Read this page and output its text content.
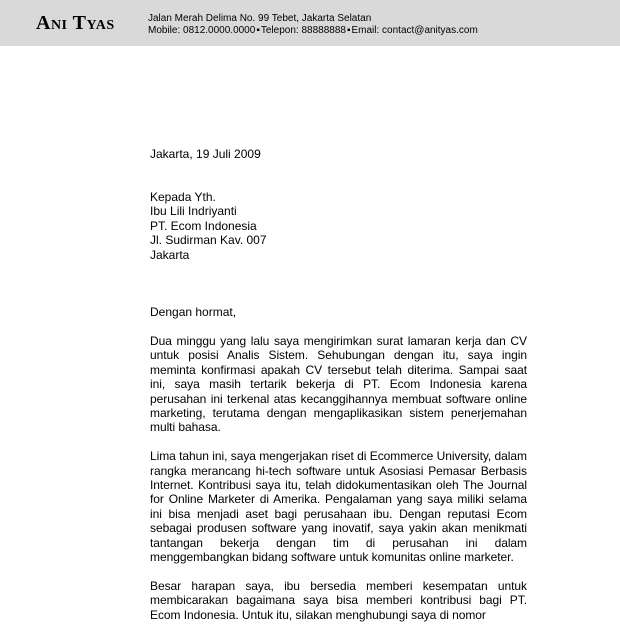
Ani Tyas	Jalan Merah Delima No. 99 Tebet, Jakarta Selatan
Mobile: 0812.0000.0000▪Telepon: 88888888▪Email: contact@anityas.com
Jakarta, 19 Juli 2009
Kepada Yth.
Ibu Lili Indriyanti
PT. Ecom Indonesia
Jl. Sudirman Kav. 007
Jakarta
Dengan hormat,

Dua minggu yang lalu saya mengirimkan surat lamaran kerja dan CV untuk posisi Analis Sistem. Sehubungan dengan itu, saya ingin meminta konfirmasi apakah CV tersebut telah diterima. Sampai saat ini, saya masih tertarik bekerja di PT. Ecom Indonesia karena perusahan ini terkenal atas kecanggihannya membuat software online marketing, terutama dengan mengaplikasikan sistem penerjemahan multi bahasa.

Lima tahun ini, saya mengerjakan riset di Ecommerce University, dalam rangka merancang hi-tech software untuk Asosiasi Pemasar Berbasis Internet. Kontribusi saya itu, telah didokumentasikan oleh The Journal for Online Marketer di Amerika. Pengalaman yang saya miliki selama ini bisa menjadi aset bagi perusahaan ibu. Dengan reputasi Ecom sebagai produsen software yang inovatif, saya yakin akan menikmati tantangan bekerja dengan tim di perusahan ini dalam menggembangkan bidang software untuk komunitas online marketer.

Besar harapan saya, ibu bersedia memberi kesempatan untuk membicarakan bagaimana saya bisa memberi kontribusi bagi PT. Ecom Indonesia. Untuk itu, silakan menghubungi saya di nomor
